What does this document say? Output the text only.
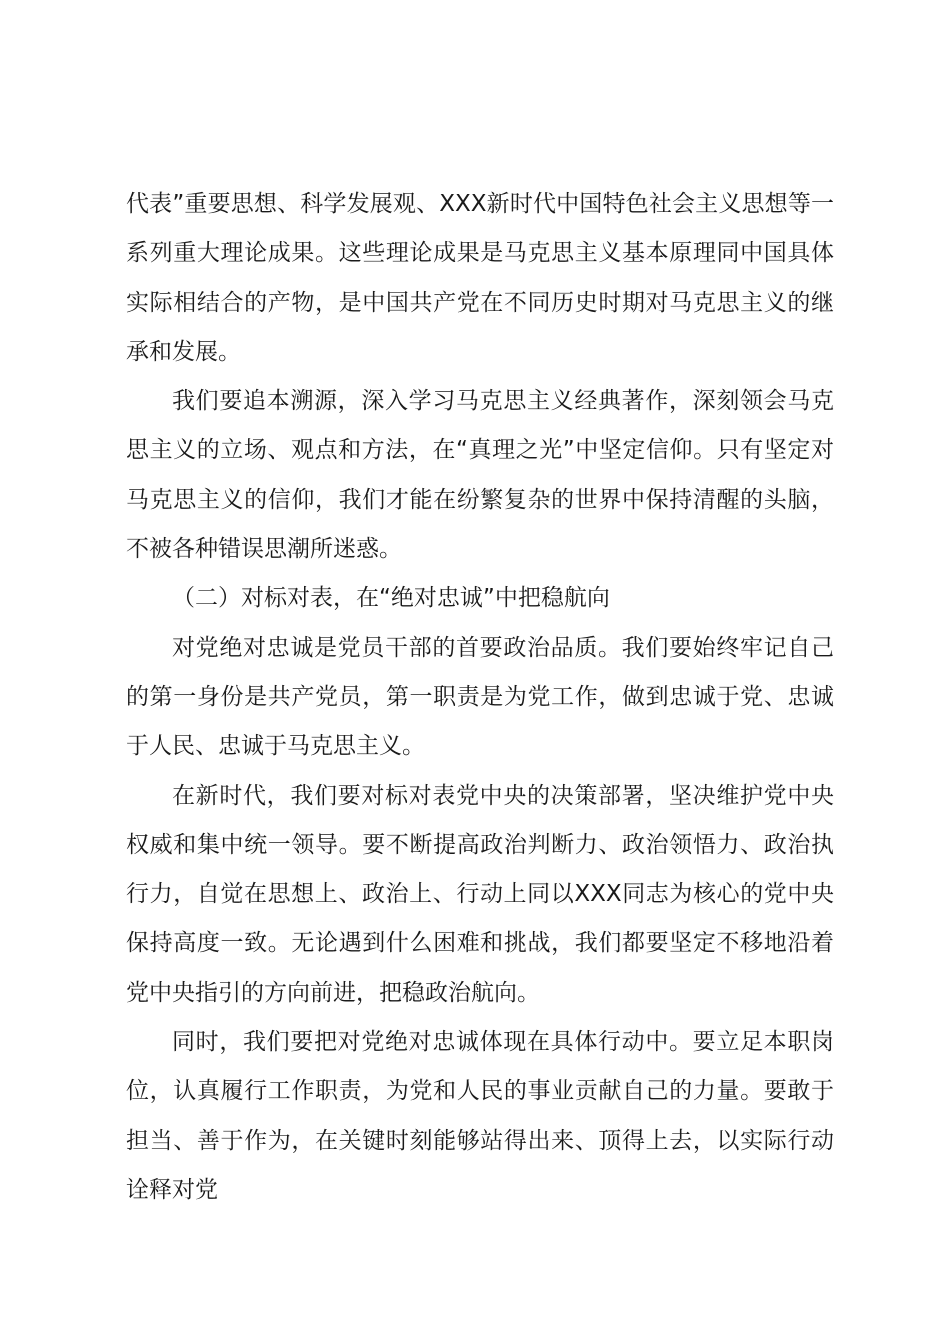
代表”重要思想、科学发展观、XXX新时代中国特色社会主义思想等一系列重大理论成果。这些理论成果是马克思主义基本原理同中国具体实际相结合的产物，是中国共产党在不同历史时期对马克思主义的继承和发展。

我们要追本溯源，深入学习马克思主义经典著作，深刻领会马克思主义的立场、观点和方法，在“真理之光”中坚定信仰。只有坚定对马克思主义的信仰，我们才能在纷繁复杂的世界中保持清醒的头脑，不被各种错误思潮所迷惑。

（二）对标对表，在“绝对忠诚”中把稳航向

对党绝对忠诚是党员干部的首要政治品质。我们要始终牢记自己的第一身份是共产党员，第一职责是为党工作，做到忠诚于党、忠诚于人民、忠诚于马克思主义。

在新时代，我们要对标对表党中央的决策部署，坚决维护党中央权威和集中统一领导。要不断提高政治判断力、政治领悟力、政治执行力，自觉在思想上、政治上、行动上同以XXX同志为核心的党中央保持高度一致。无论遇到什么困难和挑战，我们都要坚定不移地沿着党中央指引的方向前进，把稳政治航向。

同时，我们要把对党绝对忠诚体现在具体行动中。要立足本职岗位，认真履行工作职责，为党和人民的事业贡献自己的力量。要敢于担当、善于作为，在关键时刻能够站得出来、顶得上去，以实际行动诠释对党
